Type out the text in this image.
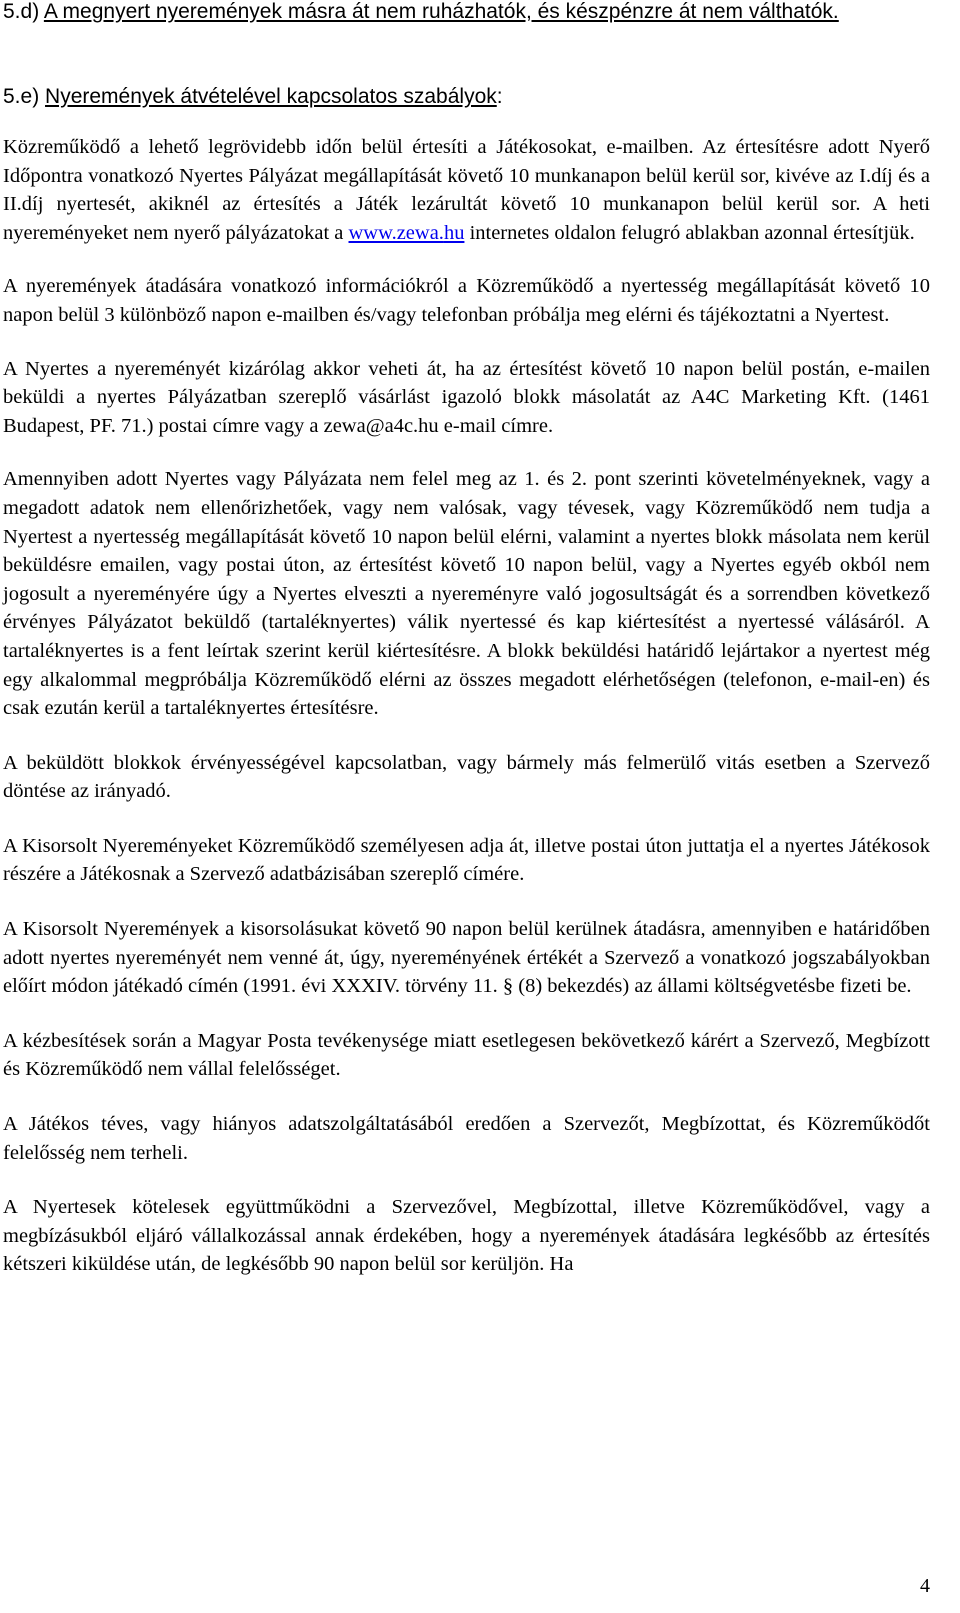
5.d) A megnyert nyeremények másra át nem ruházhatók, és készpénzre át nem válthatók.
5.e) Nyeremények átvételével kapcsolatos szabályok:

Közreműködő a lehető legrövidebb időn belül értesíti a Játékosokat, e-mailben. Az értesítésre adott Nyerő Időpontra vonatkozó Nyertes Pályázat megállapítását követő 10 munkanapon belül kerül sor, kivéve az I.díj és a II.díj nyertesét, akiknél az értesítés a Játék lezárultát követő 10 munkanapon belül kerül sor. A heti nyereményeket nem nyerő pályázatokat a www.zewa.hu internetes oldalon felugró ablakban azonnal értesítjük.

A nyeremények átadására vonatkozó információkról a Közreműködő a nyertesség megállapítását követő 10 napon belül 3 különböző napon e-mailben és/vagy telefonban próbálja meg elérni és tájékoztatni a Nyertest.

A Nyertes a nyereményét kizárólag akkor veheti át, ha az értesítést követő 10 napon belül postán, e-mailen beküldi a nyertes Pályázatban szereplő vásárlást igazoló blokk másolatát az A4C Marketing Kft. (1461 Budapest, PF. 71.) postai címre vagy a zewa@a4c.hu e-mail címre.

Amennyiben adott Nyertes vagy Pályázata nem felel meg az 1. és 2. pont szerinti követelményeknek, vagy a megadott adatok nem ellenőrizhetőek, vagy nem valósak, vagy tévesek, vagy Közreműködő nem tudja a Nyertest a nyertesség megállapítását követő 10 napon belül elérni, valamint a nyertes blokk másolata nem kerül beküldésre emailen, vagy postai úton, az értesítést követő 10 napon belül, vagy a Nyertes egyéb okból nem jogosult a nyereményére úgy a Nyertes elveszti a nyereményre való jogosultságát és a sorrendben következő érvényes Pályázatot beküldő (tartaléknyertes) válik nyertessé és kap kiértesítést a nyertessé válásáról. A tartaléknyertes is a fent leírtak szerint kerül kiértesítésre. A blokk beküldési határidő lejártakor a nyertest még egy alkalommal megpróbálja Közreműködő elérni az összes megadott elérhetőségen (telefonon, e-mail-en) és csak ezután kerül a tartaléknyertes értesítésre.

A beküldött blokkok érvényességével kapcsolatban, vagy bármely más felmerülő vitás esetben a Szervező döntése az irányadó.

A Kisorsolt Nyereményeket Közreműködő személyesen adja át, illetve postai úton juttatja el a nyertes Játékosok részére a Játékosnak a Szervező adatbázisában szereplő címére.

A Kisorsolt Nyeremények a kisorsolásukat követő 90 napon belül kerülnek átadásra, amennyiben e határidőben adott nyertes nyereményét nem venné át, úgy, nyereményének értékét a Szervező a vonatkozó jogszabályokban előírt módon játékadó címén (1991. évi XXXIV. törvény 11. § (8) bekezdés) az állami költségvetésbe fizeti be.

A kézbesítések során a Magyar Posta tevékenysége miatt esetlegesen bekövetkező kárért a Szervező, Megbízott és Közreműködő nem vállal felelősséget.

A Játékos téves, vagy hiányos adatszolgáltatásából eredően a Szervezőt, Megbízottat, és Közreműködőt felelősség nem terheli.

A Nyertesek kötelesek együttműködni a Szervezővel, Megbízottal, illetve Közreműködővel, vagy a megbízásukból eljáró vállalkozással annak érdekében, hogy a nyeremények átadására legkésőbb az értesítés kétszeri kiküldése után, de legkésőbb 90 napon belül sor kerüljön. Ha

4
